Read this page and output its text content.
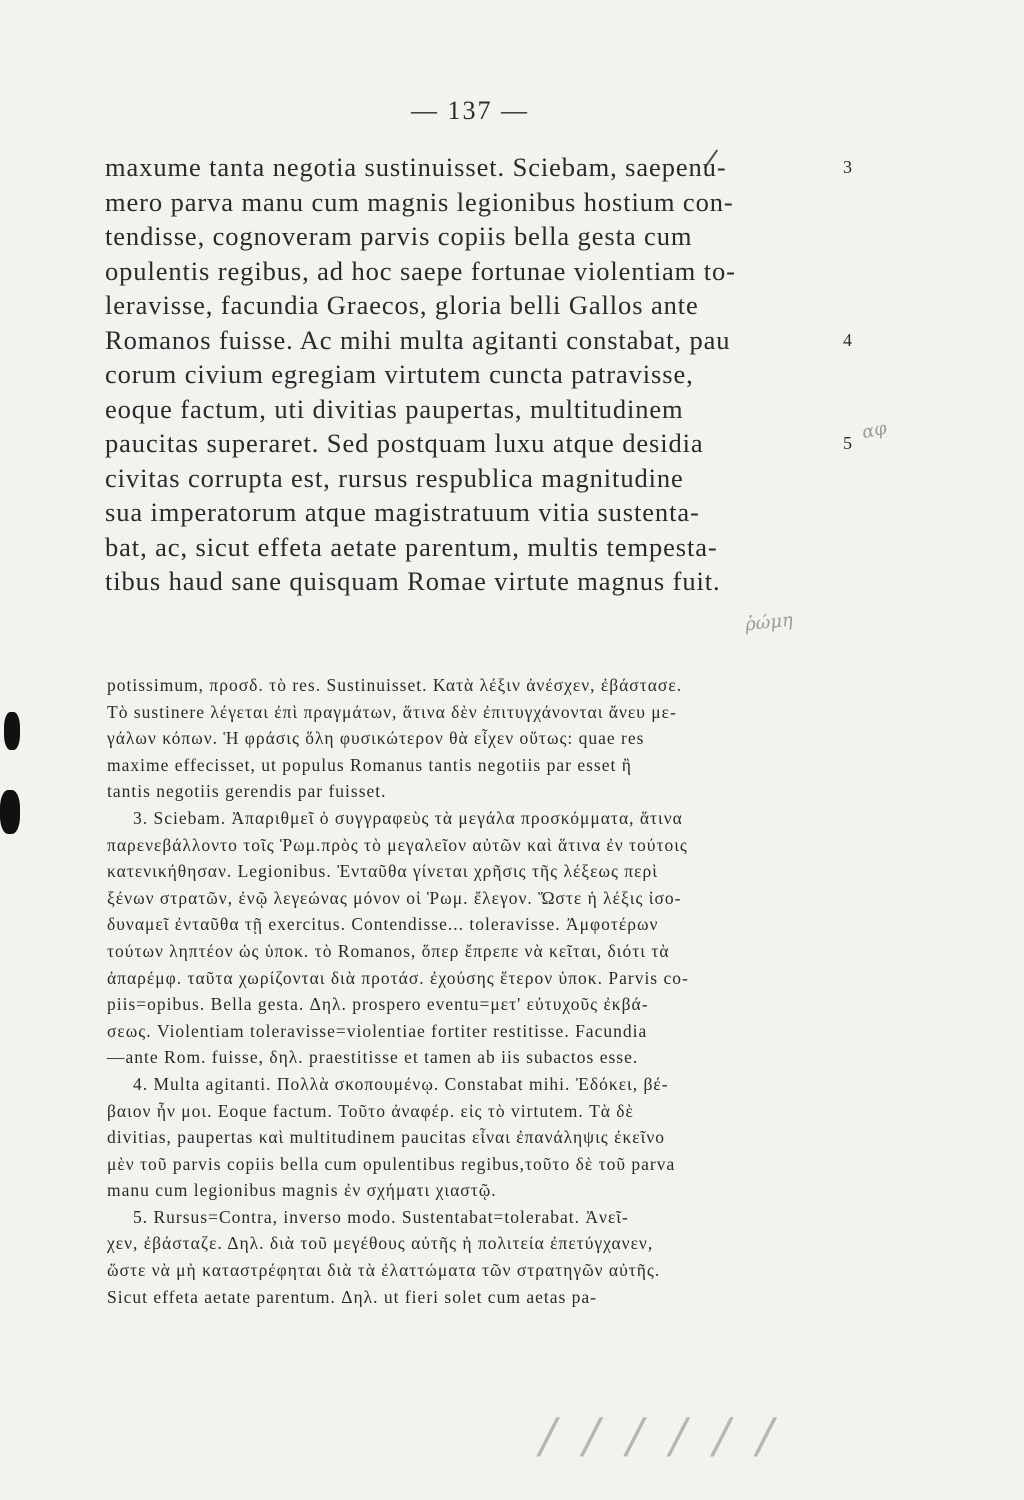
— 137 —
maxume tanta negotia sustinuisset. Sciebam, saepenu-	3
mero parva manu cum magnis legionibus hostium con-
tendisse, cognoveram parvis copiis bella gesta cum
opulentis regibus, ad hoc saepe fortunae violentiam to-
leravisse, facundia Graecos, gloria belli Gallos ante
Romanos fuisse. Ac mihi multa agitanti constabat, pau	4
corum civium egregiam virtutem cuncta patravisse,
eoque factum, uti divitias paupertas, multitudinem
paucitas superaret. Sed postquam luxu atque desidia	5
civitas corrupta est, rursus respublica magnitudine
sua imperatorum atque magistratuum vitia sustenta-
bat, ac, sicut effeta aetate parentum, multis tempesta-
tibus haud sane quisquam Romae virtute magnus fuit.
potissimum, προσδ. τὸ res. Sustinuisset. Κατὰ λέξιν ἀνέσχεν, ἐβάστασε.Τὸ sustinere λέγεται ἐπὶ πραγμάτων, ἅτινα δὲν ἐπιτυγχάνονται ἄνευ με-γάλων κόπων. Ἡ φράσις ὅλη φυσικώτερον θὰ εἶχεν οὕτως: quae resmaxime effecisset, ut populus Romanus tantis negotiis par esset ἢtantis negotiis gerendis par fuisset.3. Sciebam. Ἀπαριθμεῖ ὁ συγγραφεὺς τὰ μεγάλα προσκόμματα, ἅτιναπαρενεβάλλοντο τοῖς Ῥωμ.πρὸς τὸ μεγαλεῖον αὐτῶν καὶ ἅτινα ἐν τούτοιςκατενικήθησαν. Legionibus. Ἐνταῦθα γίνεται χρῆσις τῆς λέξεως περὶξένων στρατῶν, ἐνῷ λεγεώνας μόνον οἱ Ῥωμ. ἔλεγον. Ὥστε ἡ λέξις ἰσο-δυναμεῖ ἐνταῦθα τῇ exercitus. Contendisse... toleravisse. Ἀμφοτέρωντούτων ληπτέον ὡς ὑποκ. τὸ Romanos, ὅπερ ἔπρεπε νὰ κεῖται, διότι τὰἀπαρέμφ. ταῦτα χωρίζονται διὰ προτάσ. ἐχούσης ἕτερον ὑποκ. Parvis co-piis=opibus. Bella gesta. Δηλ. prospero eventu=μετ' εὐτυχοῦς ἐκβά-σεως. Violentiam toleravisse=violentiae fortiter restitisse. Facundia—ante Rom. fuisse, δηλ. praestitisse et tamen ab iis subactos esse.4. Multa agitanti. Πολλὰ σκοπουμένῳ. Constabat mihi. Ἐδόκει, βέ-βαιον ἦν μοι. Eoque factum. Τοῦτο ἀναφέρ. εἰς τὸ virtutem. Τὰ δὲdivitias, paupertas καὶ multitudinem paucitas εἶναι ἐπανάληψις ἐκεῖνομὲν τοῦ parvis copiis bella cum opulentibus regibus,τοῦτο δὲ τοῦ parvamanu cum legionibus magnis ἐν σχήματι χιαστῷ.5. Rursus=Contra, inverso modo. Sustentabat=tolerabat. Ἀνεῖ-χεν, ἐβάσταζε. Δηλ. διὰ τοῦ μεγέθους αὐτῆς ἡ πολιτεία ἐπετύγχανεν,ὥστε νὰ μὴ καταστρέφηται διὰ τὰ ἐλαττώματα τῶν στρατηγῶν αὐτῆς.Sicut effeta aetate parentum. Δηλ. ut fieri solet cum aetas pa-
αφ
ῥώμη
/ / / / / /
